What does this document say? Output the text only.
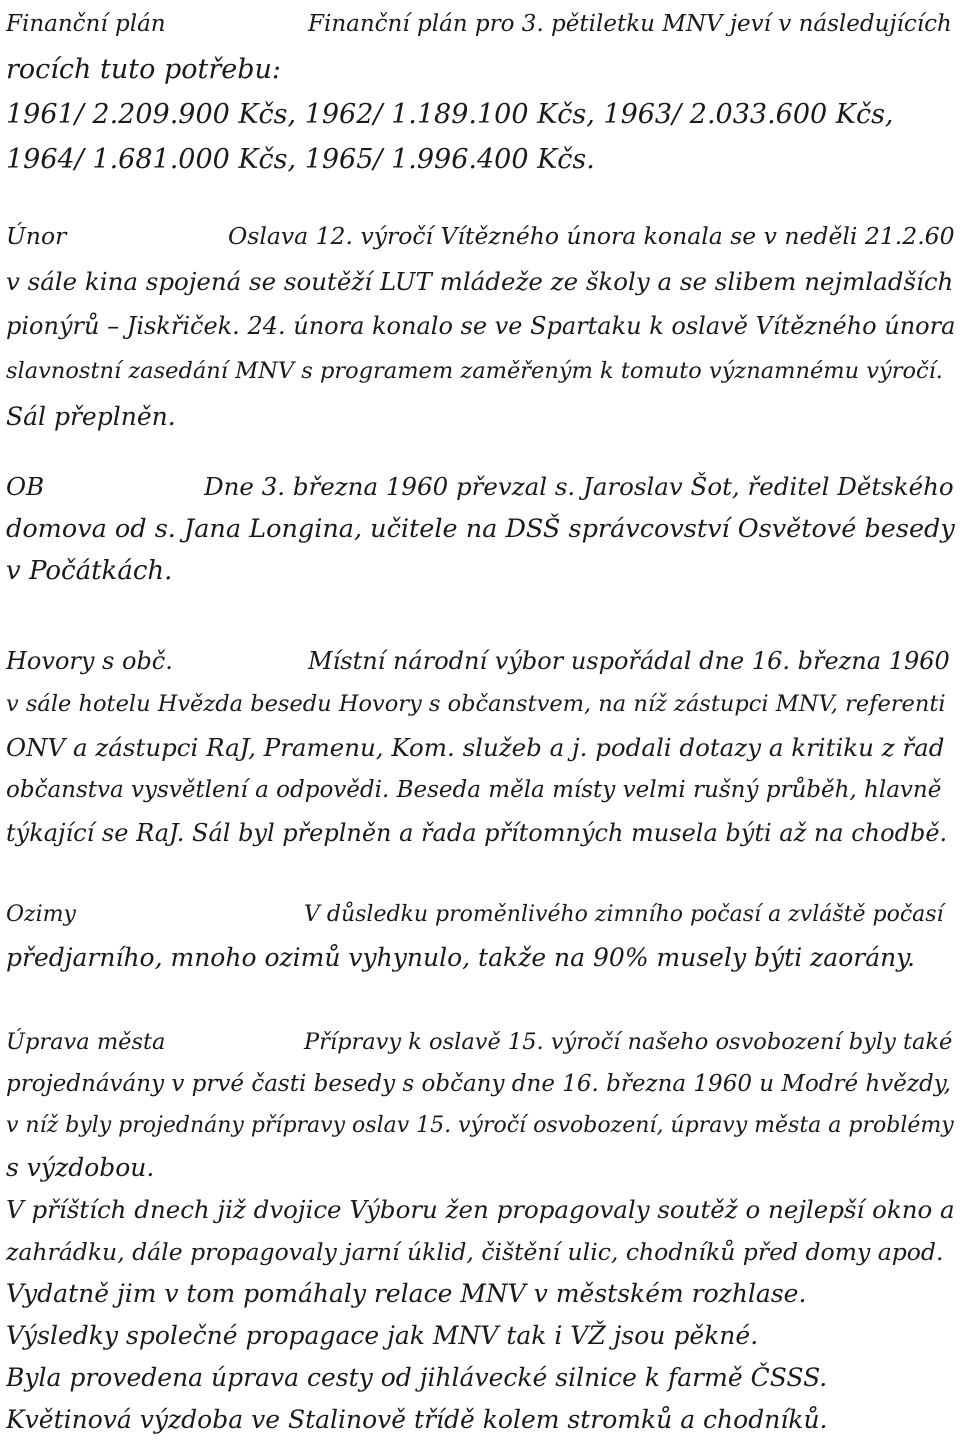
Finanční plán	Finanční plán pro 3. pětiletku MNV jeví v následujících
rocích tuto potřebu:
1961/ 2.209.900 Kčs, 1962/ 1.189.100 Kčs, 1963/ 2.033.600 Kčs,
1964/ 1.681.000 Kčs, 1965/ 1.996.400 Kčs.
Únor	Oslava 12. výročí Vítězného února konala se v neděli 21.2.60
v sále kina spojená se soutěží LUT mládeže ze školy a se slibem nejmladších
pionýrů – Jiskřiček. 24. února konalo se ve Spartaku k oslavě Vítězného února
slavnostní zasedání MNV s programem zaměřeným k tomuto významnému výročí.
Sál přeplněn.
OB	Dne 3. března 1960 převzal s. Jaroslav Šot, ředitel Dětského
domova od s. Jana Longina, učitele na DSŠ správcovství Osvětové besedy
v Počátkách.
Hovory s obč.	Místní národní výbor uspořádal dne 16. března 1960
v sále hotelu Hvězda besedu Hovory s občanstvem, na níž zástupci MNV, referenti
ONV a zástupci RaJ, Pramenu, Kom. služeb a j. podali dotazy a kritiku z řad
občanstva vysvětlení a odpovědi. Beseda měla místy velmi rušný průběh, hlavně
týkající se RaJ. Sál byl přeplněn a řada přítomných musela býti až na chodbě.
Ozimy	V důsledku proměnlivého zimního počasí a zvláště počasí
předjarního, mnoho ozimů vyhynulo, takže na 90% musely býti zaorány.
Úprava města	Přípravy k oslavě 15. výročí našeho osvobození byly také
projednávány v prvé časti besedy s občany dne 16. března 1960 u Modré hvězdy,
v níž byly projednány přípravy oslav 15. výročí osvobození, úpravy města a problémy
s výzdobou.
V příštích dnech již dvojice Výboru žen propagovaly soutěž o nejlepší okno a
zahrádku, dále propagovaly jarní úklid, čištění ulic, chodníků před domy apod.
Vydatně jim v tom pomáhaly relace MNV v městském rozhlase.
Výsledky společné propagace jak MNV tak i VŽ jsou pěkné.
Byla provedena úprava cesty od jihlávecké silnice k farmě ČSSS.
Květinová výzdoba ve Stalinově třídě kolem stromků a chodníků.
